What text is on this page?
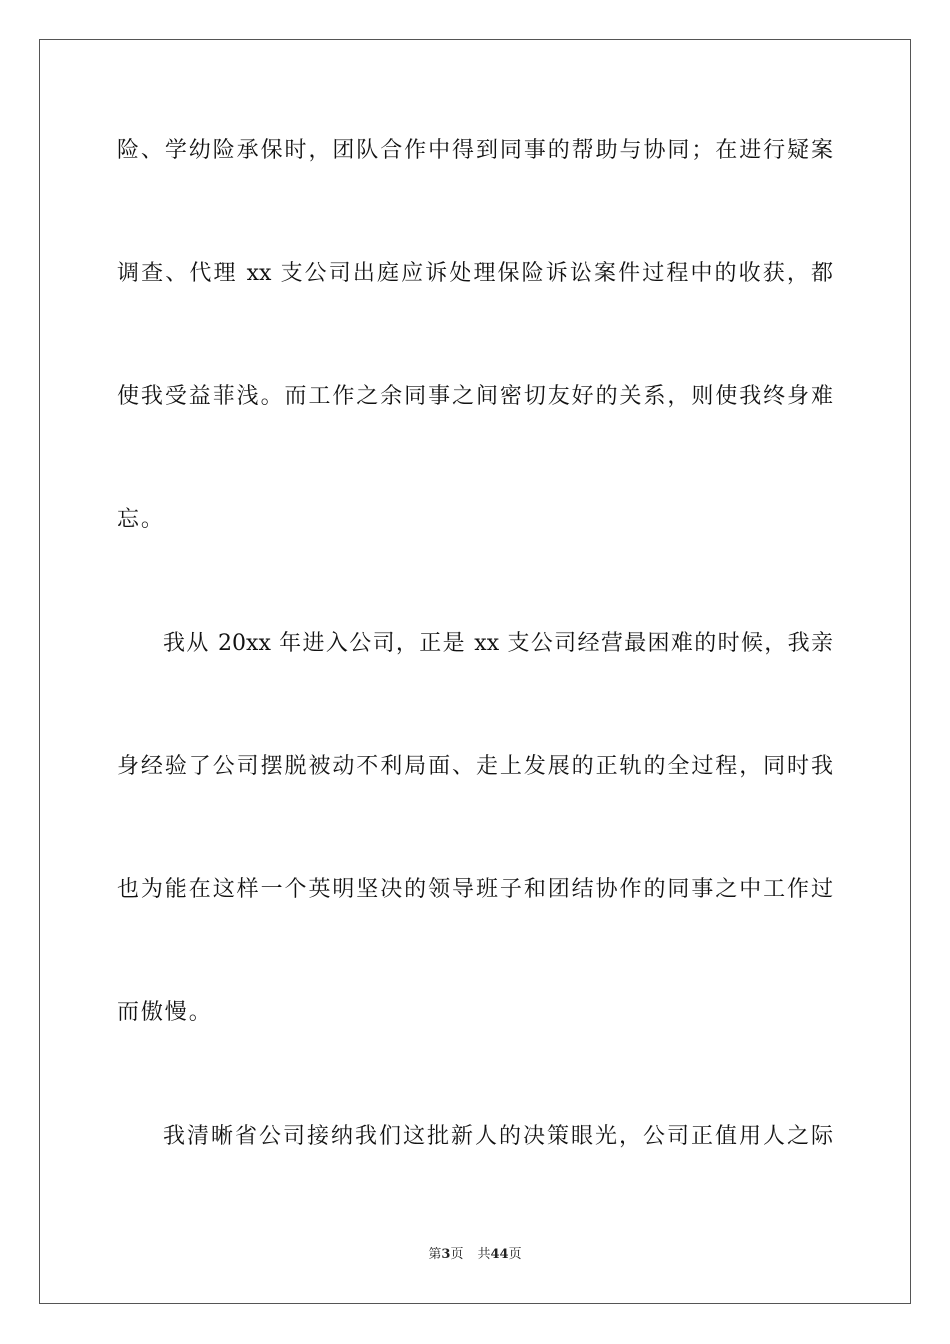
险、学幼险承保时，团队合作中得到同事的帮助与协同；在进行疑案
调查、代理 xx 支公司出庭应诉处理保险诉讼案件过程中的收获，都
使我受益菲浅。而工作之余同事之间密切友好的关系，则使我终身难
忘。
我从 20xx 年进入公司，正是 xx 支公司经营最困难的时候，我亲
身经验了公司摆脱被动不利局面、走上发展的正轨的全过程，同时我
也为能在这样一个英明坚决的领导班子和团结协作的同事之中工作过
而傲慢。
我清晰省公司接纳我们这批新人的决策眼光，公司正值用人之际
第3页 共44页
